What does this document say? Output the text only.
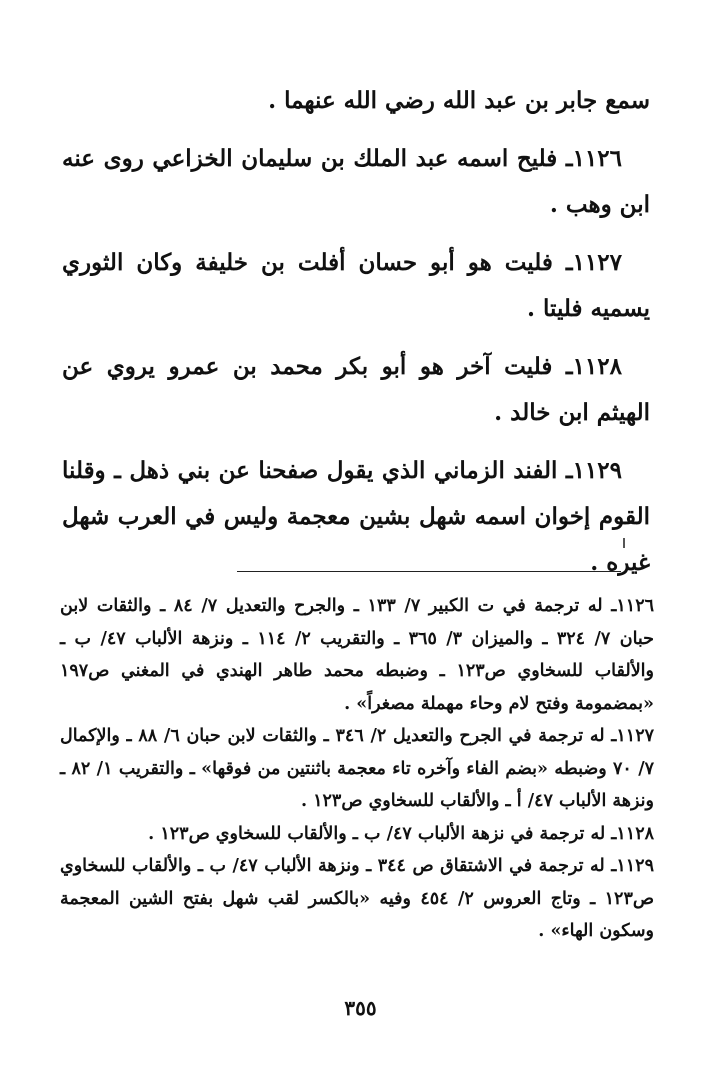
سمع جابر بن عبد الله رضي الله عنهما .

١١٢٦ـ فليح اسمه عبد الملك بن سليمان الخزاعي روى عنه ابن وهب .

١١٢٧ـ فليت هو أبو حسان أفلت بن خليفة وكان الثوري يسميه فليتا .

١١٢٨ـ فليت آخر هو أبو بكر محمد بن عمرو يروي عن الهيثم ابن خالد .

١١٢٩ـ الفند الزماني الذي يقول صفحنا عن بني ذهل ـ وقلنا القوم إخوان اسمه شهل بشين معجمة وليس في العرب شهل غيره .

١١٢٦ـ له ترجمة في ت الكبير ٧/ ١٣٣ ـ والجرح والتعديل ٧/ ٨٤ ـ والثقات لابن حبان ٧/ ٣٢٤ ـ والميزان ٣/ ٣٦٥ ـ والتقريب ٢/ ١١٤ ـ ونزهة الألباب ٤٧/ ب ـ والألقاب للسخاوي ص١٢٣ ـ وضبطه محمد طاهر الهندي في المغني ص١٩٧ «بمضمومة وفتح لام وحاء مهملة مصغراً» .

١١٢٧ـ له ترجمة في الجرح والتعديل ٢/ ٣٤٦ ـ والثقات لابن حبان ٦/ ٨٨ ـ والإكمال ٧/ ٧٠ وضبطه «بضم الفاء وآخره تاء معجمة باثنتين من فوقها» ـ والتقريب ١/ ٨٢ ـ ونزهة الألباب ٤٧/ أ ـ والألقاب للسخاوي ص١٢٣ .

١١٢٨ـ له ترجمة في نزهة الألباب ٤٧/ ب ـ والألقاب للسخاوي ص١٢٣ .

١١٢٩ـ له ترجمة في الاشتقاق ص ٣٤٤ ـ ونزهة الألباب ٤٧/ ب ـ والألقاب للسخاوي ص١٢٣ ـ وتاج العروس ٢/ ٤٥٤ وفيه «بالكسر لقب شهل بفتح الشين المعجمة وسكون الهاء» .

٣٥٥
